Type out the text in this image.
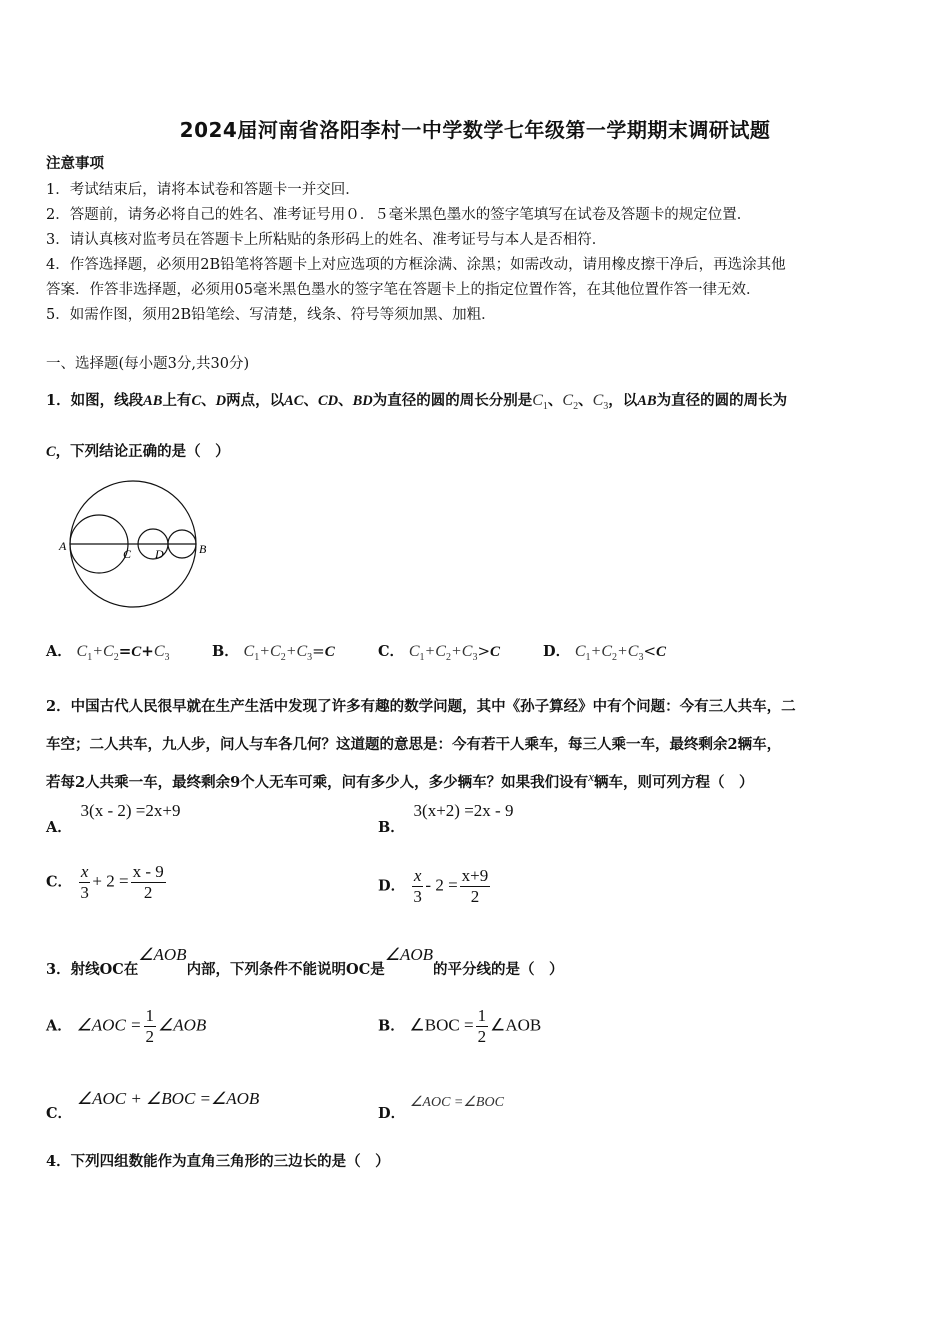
2024届河南省洛阳李村一中学数学七年级第一学期期末调研试题
注意事项
1．考试结束后，请将本试卷和答题卡一并交回．
2．答题前，请务必将自己的姓名、准考证号用０．５毫米黑色墨水的签字笔填写在试卷及答题卡的规定位置．
3．请认真核对监考员在答题卡上所粘贴的条形码上的姓名、准考证号与本人是否相符．
4．作答选择题，必须用2B铅笔将答题卡上对应选项的方框涂满、涂黑；如需改动，请用橡皮擦干净后，再选涂其他
答案．作答非选择题，必须用05毫米黑色墨水的签字笔在答题卡上的指定位置作答，在其他位置作答一律无效．
5．如需作图，须用2B铅笔绘、写清楚，线条、符号等须加黑、加粗．
一、选择题(每小题3分,共30分)
1．如图，线段AB上有C、D两点，以AC、CD、BD为直径的圆的周长分别是$C_1$、$C_2$、$C_3$，以AB为直径的圆的周长为
C，下列结论正确的是（　）
A
C D	B
A． $C_1+C_2=C+C_3$	B． $C_1+C_2+C_3=C$	C． $C_1+C_2+C_3>C$	D． $C_1+C_2+C_3<C$
2．中国古代人民很早就在生产生活中发现了许多有趣的数学问题，其中《孙子算经》中有个问题：今有三人共车，二
车空；二人共车，九人步，问人与车各几何？这道题的意思是：今有若干人乘车，每三人乘一车，最终剩余2辆车，
若每2人共乘一车，最终剩余9个人无车可乘，问有多少人，多少辆车？如果我们设有x辆车，则可列方程（　）
A． 3(x - 2) =2x+9
B． 3(x+2) =2x - 9
C． $\frac{x}{3} + 2 = \frac{x - 9}{2}$	D． $\frac{x}{3} - 2 = \frac{x+9}{2}$
3．射线OC在∠AOB内部，下列条件不能说明OC是∠AOB的平分线的是（　）
A． ∠AOC = $\frac{1}{2}$ ∠AOB	B． ∠BOC = $\frac{1}{2}$ ∠AOB
C． ∠AOC + ∠BOC =∠AOB
D． ∠AOC =∠BOC
4．下列四组数能作为直角三角形的三边长的是（　）
